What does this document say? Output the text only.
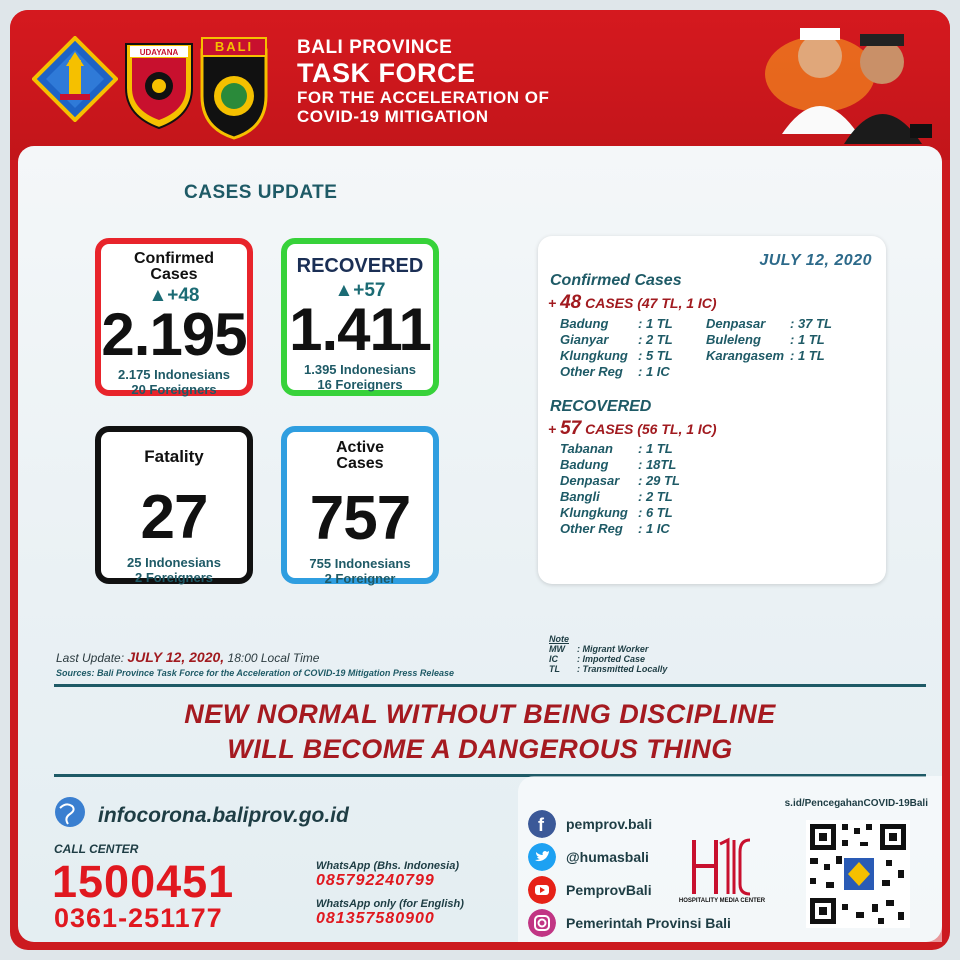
UDAYANA	BALI	BALI PROVINCE
TASK FORCE
FOR THE ACCELERATION OF
COVID-19 MITIGATION
CASES UPDATE
Confirmed
Cases
▲+48
2.195
2.175 Indonesians
20 Foreigners
RECOVERED
▲+57
1.411
1.395 Indonesians
16 Foreigners
Fatality
27
25 Indonesians
2 Foreigners
Active
Cases
757
755 Indonesians
2 Foreigner
JULY 12, 2020
Confirmed Cases
+ 48 CASES (47 TL, 1 IC)
Badung : 1 TL
Gianyar : 2 TL
Klungkung : 5 TL
Other Reg : 1 IC
Denpasar : 37 TL
Buleleng : 1 TL
Karangasem : 1 TL
RECOVERED
+ 57 CASES (56 TL, 1 IC)
Tabanan : 1 TL
Badung : 18TL
Denpasar : 29 TL
Bangli	: 2 TL
Klungkung : 6 TL
Other Reg : 1 IC
Last Update: JULY 12, 2020, 18:00 Local Time
Sources: Bali Province Task Force for the Acceleration of COVID-19 Mitigation Press Release
Note
MW : Migrant Worker
IC : Imported Case
TL : Transmitted Locally
NEW NORMAL WITHOUT BEING DISCIPLINE
WILL BECOME A DANGEROUS THING
infocorona.baliprov.go.id
CALL CENTER
1500451
0361-251177
WhatsApp (Bhs. Indonesia)
085792240799
WhatsApp only (for English)
081357580900
f pemprov.bali
@humasbali
PemprovBali
Pemerintah Provinsi Bali
HOSPITALITY MEDIA CENTER
s.id/PencegahanCOVID-19Bali
